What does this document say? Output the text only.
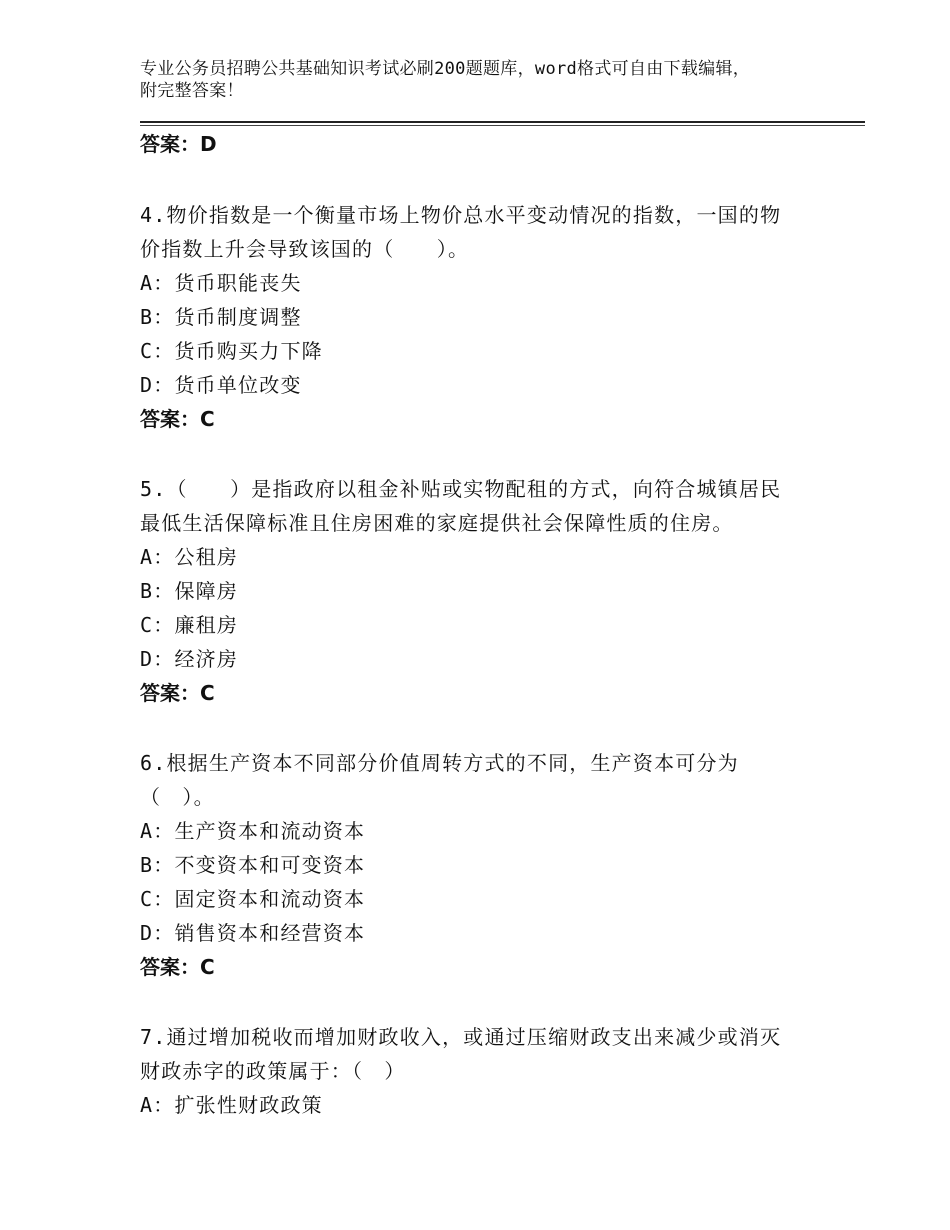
专业公务员招聘公共基础知识考试必刷200题题库，word格式可自由下载编辑，
附完整答案！
答案：D
4.物价指数是一个衡量市场上物价总水平变动情况的指数，一国的物
价指数上升会导致该国的（　　）。
A：货币职能丧失
B：货币制度调整
C：货币购买力下降
D：货币单位改变
答案：C
5.（　　）是指政府以租金补贴或实物配租的方式，向符合城镇居民
最低生活保障标准且住房困难的家庭提供社会保障性质的住房。
A：公租房
B：保障房
C：廉租房
D：经济房
答案：C
6.根据生产资本不同部分价值周转方式的不同，生产资本可分为
（　）。
A：生产资本和流动资本
B：不变资本和可变资本
C：固定资本和流动资本
D：销售资本和经营资本
答案：C
7.通过增加税收而增加财政收入，或通过压缩财政支出来减少或消灭
财政赤字的政策属于：（　）
A：扩张性财政政策
